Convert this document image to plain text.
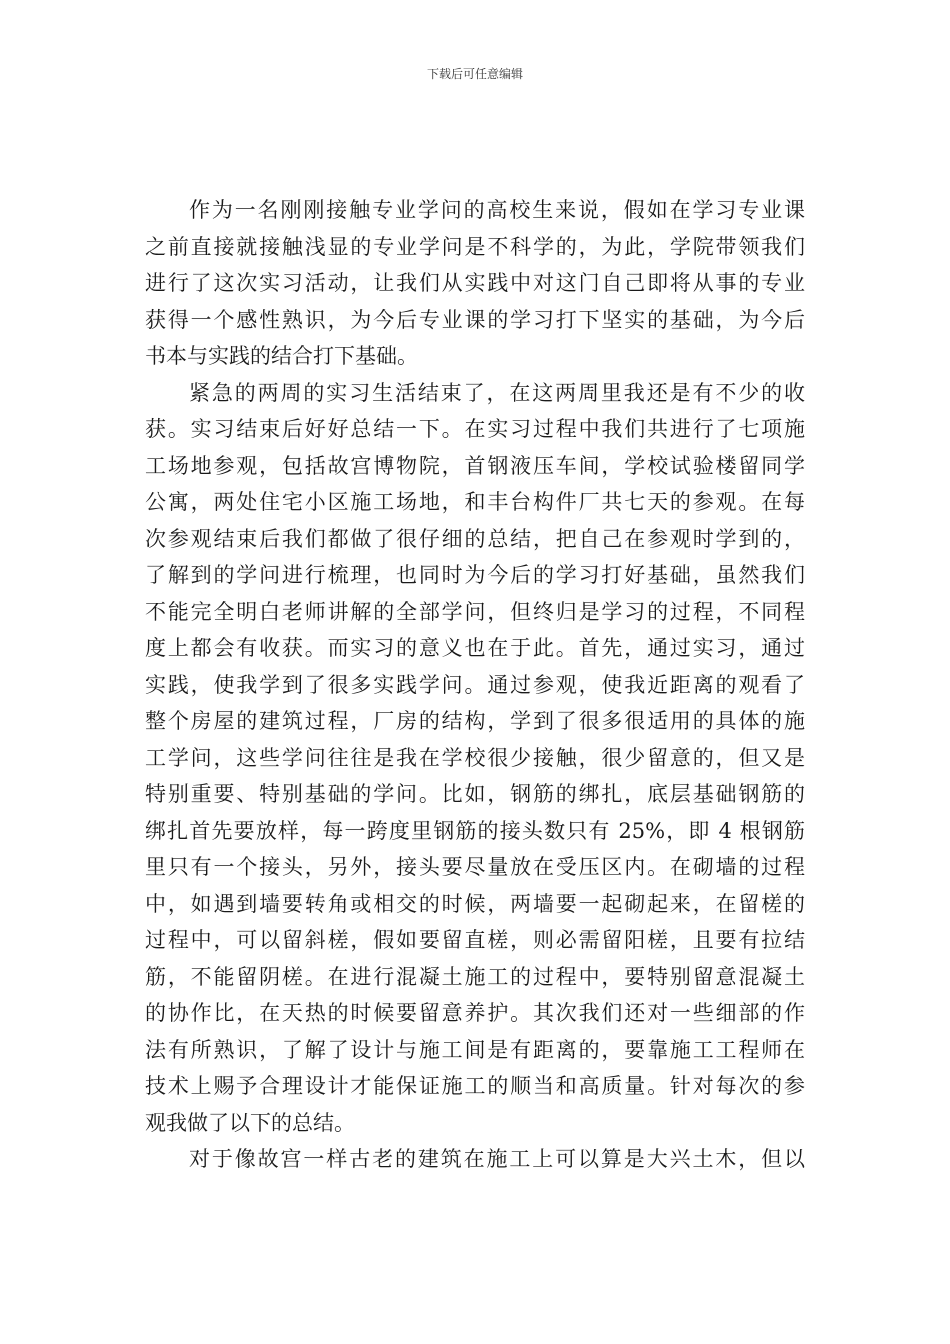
下载后可任意编辑
作为一名刚刚接触专业学问的高校生来说，假如在学习专业课
之前直接就接触浅显的专业学问是不科学的，为此，学院带领我们
进行了这次实习活动，让我们从实践中对这门自己即将从事的专业
获得一个感性熟识，为今后专业课的学习打下坚实的基础，为今后
书本与实践的结合打下基础。
紧急的两周的实习生活结束了，在这两周里我还是有不少的收
获。实习结束后好好总结一下。在实习过程中我们共进行了七项施
工场地参观，包括故宫博物院，首钢液压车间，学校试验楼留同学
公寓，两处住宅小区施工场地，和丰台构件厂共七天的参观。在每
次参观结束后我们都做了很仔细的总结，把自己在参观时学到的，
了解到的学问进行梳理，也同时为今后的学习打好基础，虽然我们
不能完全明白老师讲解的全部学问，但终归是学习的过程，不同程
度上都会有收获。而实习的意义也在于此。首先，通过实习，通过
实践，使我学到了很多实践学问。通过参观，使我近距离的观看了
整个房屋的建筑过程，厂房的结构，学到了很多很适用的具体的施
工学问，这些学问往往是我在学校很少接触，很少留意的，但又是
特别重要、特别基础的学问。比如，钢筋的绑扎，底层基础钢筋的
绑扎首先要放样，每一跨度里钢筋的接头数只有 25%，即 4 根钢筋
里只有一个接头，另外，接头要尽量放在受压区内。在砌墙的过程
中，如遇到墙要转角或相交的时候，两墙要一起砌起来，在留槎的
过程中，可以留斜槎，假如要留直槎，则必需留阳槎，且要有拉结
筋，不能留阴槎。在进行混凝土施工的过程中，要特别留意混凝土
的协作比，在天热的时候要留意养护。其次我们还对一些细部的作
法有所熟识，了解了设计与施工间是有距离的，要靠施工工程师在
技术上赐予合理设计才能保证施工的顺当和高质量。针对每次的参
观我做了以下的总结。
对于像故宫一样古老的建筑在施工上可以算是大兴土木，但以
